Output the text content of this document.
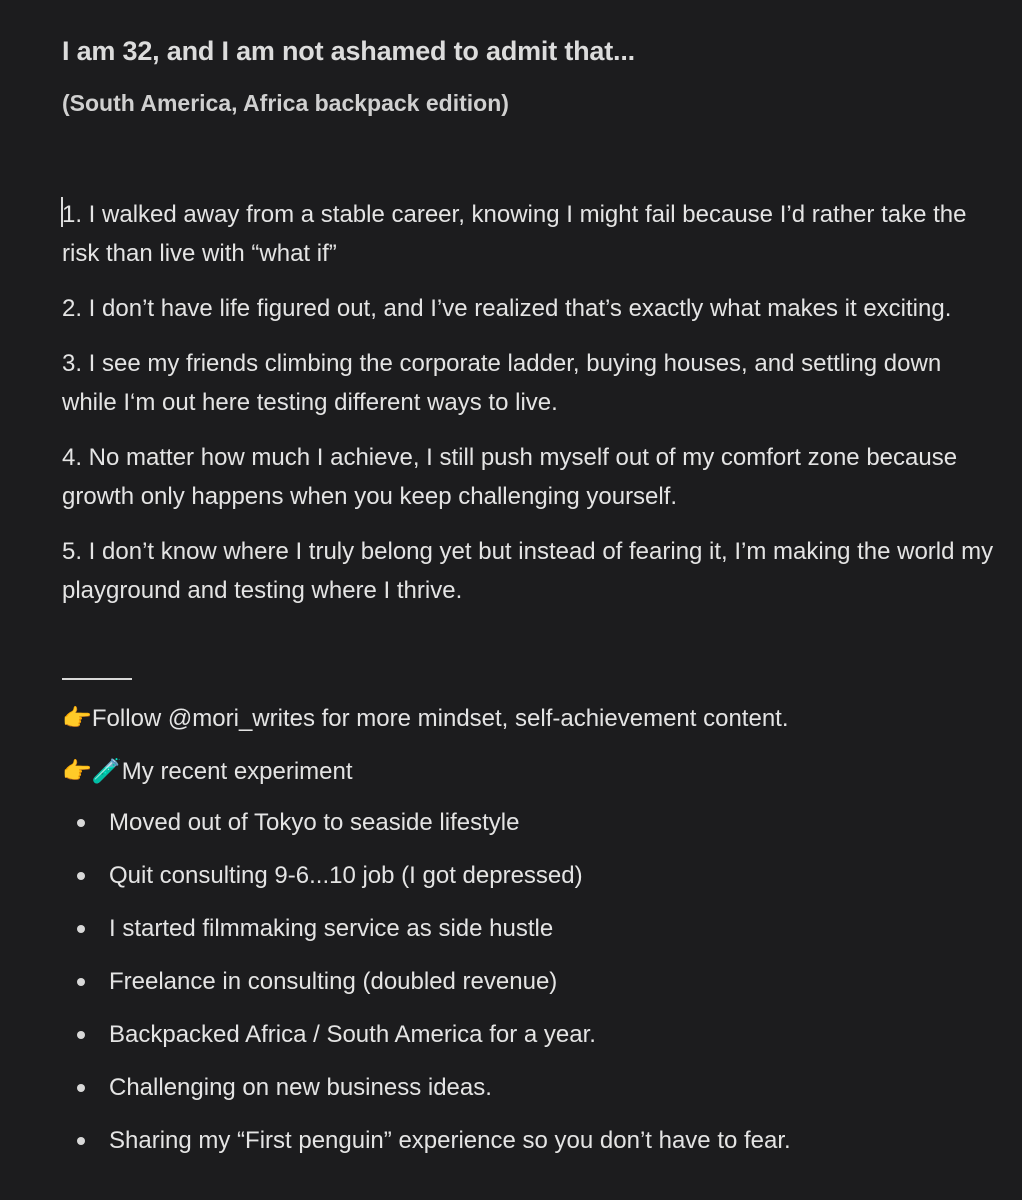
I am 32, and I am not ashamed to admit that...
(South America, Africa backpack edition)

1. I walked away from a stable career, knowing I might fail because I’d rather take the risk than live with “what if”

2. I don’t have life figured out, and I’ve realized that’s exactly what makes it exciting.

3. I see my friends climbing the corporate ladder, buying houses, and settling down while I‘m out here testing different ways to live.

4. No matter how much I achieve, I still push myself out of my comfort zone because growth only happens when you keep challenging yourself.

5. I don’t know where I truly belong yet but instead of fearing it, I’m making the world my playground and testing where I thrive.

👉Follow @mori_writes for more mindset, self-achievement content.
👉🧪My recent experiment
Moved out of Tokyo to seaside lifestyle
Quit consulting 9-6...10 job (I got depressed)
I started filmmaking service as side hustle
Freelance in consulting (doubled revenue)
Backpacked Africa / South America for a year.
Challenging on new business ideas.
Sharing my “First penguin” experience so you don’t have to fear.
